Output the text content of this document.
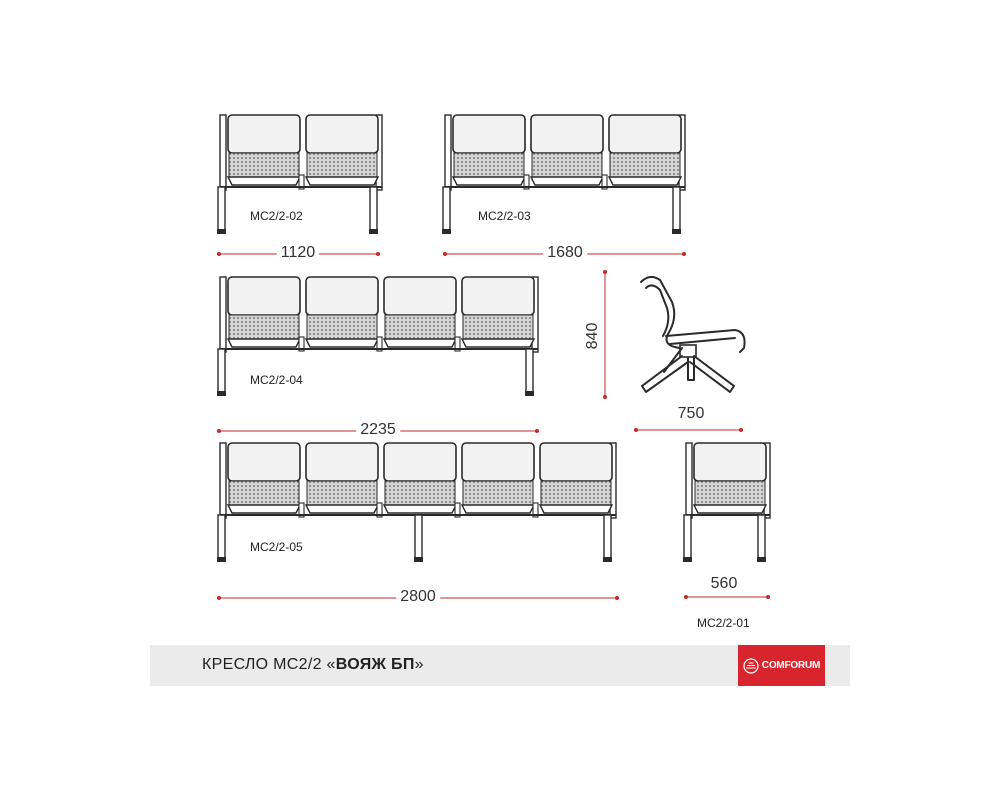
MC2/2-02	MC2/2-03
MC2/2-04
MC2/2-05
MC2/2-01
1120	1680
2235
2800
560
750
840
КРЕСЛО MC2/2 «ВОЯЖ БП»	COMFORUM
